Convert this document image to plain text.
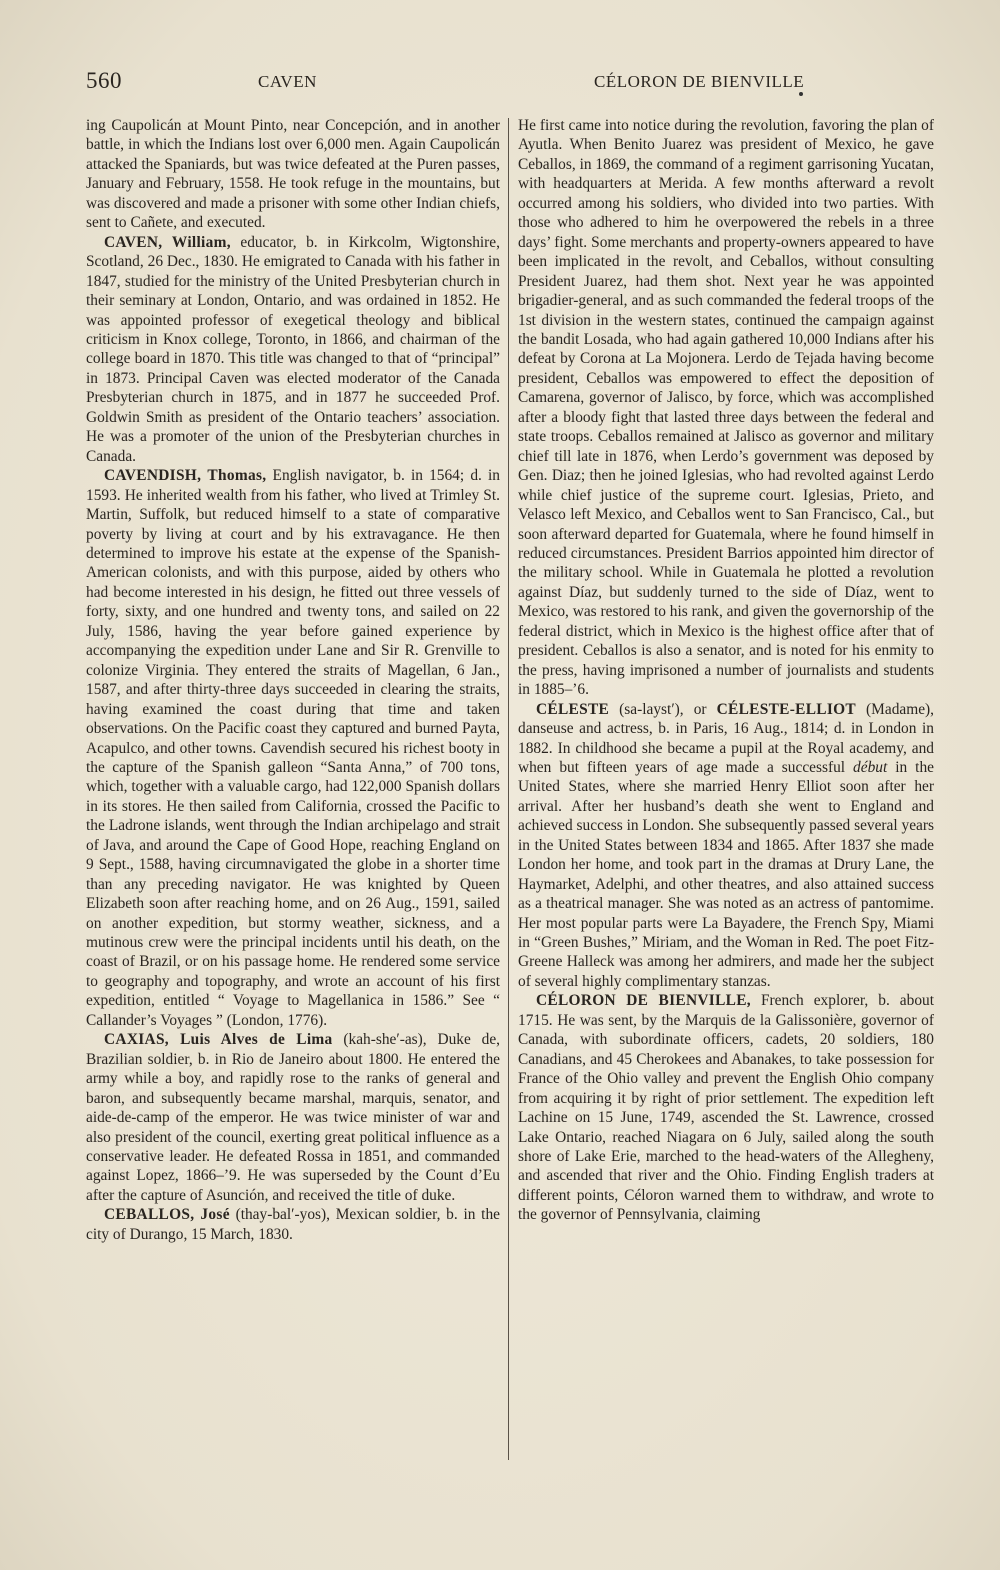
560	CAVEN	CÉLORON DE BIENVILLE

ing Caupolicán at Mount Pinto, near Concepción, and in another battle, in which the Indians lost over 6,000 men. Again Caupolicán attacked the Spaniards, but was twice defeated at the Puren passes, January and February, 1558. He took refuge in the mountains, but was discovered and made a prisoner with some other Indian chiefs, sent to Cañete, and executed.

CAVEN, William, educator, b. in Kirkcolm, Wigtonshire, Scotland, 26 Dec., 1830. He emigrated to Canada with his father in 1847, studied for the ministry of the United Presbyterian church in their seminary at London, Ontario, and was ordained in 1852. He was appointed professor of exegetical theology and biblical criticism in Knox college, Toronto, in 1866, and chairman of the college board in 1870. This title was changed to that of “principal” in 1873. Principal Caven was elected moderator of the Canada Presbyterian church in 1875, and in 1877 he succeeded Prof. Goldwin Smith as president of the Ontario teachers’ association. He was a promoter of the union of the Presbyterian churches in Canada.

CAVENDISH, Thomas, English navigator, b. in 1564; d. in 1593. He inherited wealth from his father, who lived at Trimley St. Martin, Suffolk, but reduced himself to a state of comparative poverty by living at court and by his extravagance. He then determined to improve his estate at the expense of the Spanish-American colonists, and with this purpose, aided by others who had become interested in his design, he fitted out three vessels of forty, sixty, and one hundred and twenty tons, and sailed on 22 July, 1586, having the year before gained experience by accompanying the expedition under Lane and Sir R. Grenville to colonize Virginia. They entered the straits of Magellan, 6 Jan., 1587, and after thirty-three days succeeded in clearing the straits, having examined the coast during that time and taken observations. On the Pacific coast they captured and burned Payta, Acapulco, and other towns. Cavendish secured his richest booty in the capture of the Spanish galleon “Santa Anna,” of 700 tons, which, together with a valuable cargo, had 122,000 Spanish dollars in its stores. He then sailed from California, crossed the Pacific to the Ladrone islands, went through the Indian archipelago and strait of Java, and around the Cape of Good Hope, reaching England on 9 Sept., 1588, having circumnavigated the globe in a shorter time than any preceding navigator. He was knighted by Queen Elizabeth soon after reaching home, and on 26 Aug., 1591, sailed on another expedition, but stormy weather, sickness, and a mutinous crew were the principal incidents until his death, on the coast of Brazil, or on his passage home. He rendered some service to geography and topography, and wrote an account of his first expedition, entitled “ Voyage to Magellanica in 1586.” See “ Callander’s Voyages ” (London, 1776).

CAXIAS, Luis Alves de Lima (kah-she′-as), Duke de, Brazilian soldier, b. in Rio de Janeiro about 1800. He entered the army while a boy, and rapidly rose to the ranks of general and baron, and subsequently became marshal, marquis, senator, and aide-de-camp of the emperor. He was twice minister of war and also president of the council, exerting great political influence as a conservative leader. He defeated Rossa in 1851, and commanded against Lopez, 1866–’9. He was superseded by the Count d’Eu after the capture of Asunción, and received the title of duke.

CEBALLOS, José (thay-bal′-yos), Mexican soldier, b. in the city of Durango, 15 March, 1830.

He first came into notice during the revolution, favoring the plan of Ayutla. When Benito Juarez was president of Mexico, he gave Ceballos, in 1869, the command of a regiment garrisoning Yucatan, with headquarters at Merida. A few months afterward a revolt occurred among his soldiers, who divided into two parties. With those who adhered to him he overpowered the rebels in a three days’ fight. Some merchants and property-owners appeared to have been implicated in the revolt, and Ceballos, without consulting President Juarez, had them shot. Next year he was appointed brigadier-general, and as such commanded the federal troops of the 1st division in the western states, continued the campaign against the bandit Losada, who had again gathered 10,000 Indians after his defeat by Corona at La Mojonera. Lerdo de Tejada having become president, Ceballos was empowered to effect the deposition of Camarena, governor of Jalisco, by force, which was accomplished after a bloody fight that lasted three days between the federal and state troops. Ceballos remained at Jalisco as governor and military chief till late in 1876, when Lerdo’s government was deposed by Gen. Diaz; then he joined Iglesias, who had revolted against Lerdo while chief justice of the supreme court. Iglesias, Prieto, and Velasco left Mexico, and Ceballos went to San Francisco, Cal., but soon afterward departed for Guatemala, where he found himself in reduced circumstances. President Barrios appointed him director of the military school. While in Guatemala he plotted a revolution against Díaz, but suddenly turned to the side of Díaz, went to Mexico, was restored to his rank, and given the governorship of the federal district, which in Mexico is the highest office after that of president. Ceballos is also a senator, and is noted for his enmity to the press, having imprisoned a number of journalists and students in 1885–’6.

CÉLESTE (sa-layst′), or CÉLESTE-ELLIOT (Madame), danseuse and actress, b. in Paris, 16 Aug., 1814; d. in London in 1882. In childhood she became a pupil at the Royal academy, and when but fifteen years of age made a successful début in the United States, where she married Henry Elliot soon after her arrival. After her husband’s death she went to England and achieved success in London. She subsequently passed several years in the United States between 1834 and 1865. After 1837 she made London her home, and took part in the dramas at Drury Lane, the Haymarket, Adelphi, and other theatres, and also attained success as a theatrical manager. She was noted as an actress of pantomime. Her most popular parts were La Bayadere, the French Spy, Miami in “Green Bushes,” Miriam, and the Woman in Red. The poet Fitz-Greene Halleck was among her admirers, and made her the subject of several highly complimentary stanzas.

CÉLORON DE BIENVILLE, French explorer, b. about 1715. He was sent, by the Marquis de la Galissonière, governor of Canada, with subordinate officers, cadets, 20 soldiers, 180 Canadians, and 45 Cherokees and Abanakes, to take possession for France of the Ohio valley and prevent the English Ohio company from acquiring it by right of prior settlement. The expedition left Lachine on 15 June, 1749, ascended the St. Lawrence, crossed Lake Ontario, reached Niagara on 6 July, sailed along the south shore of Lake Erie, marched to the head-waters of the Allegheny, and ascended that river and the Ohio. Finding English traders at different points, Céloron warned them to withdraw, and wrote to the governor of Pennsylvania, claiming
